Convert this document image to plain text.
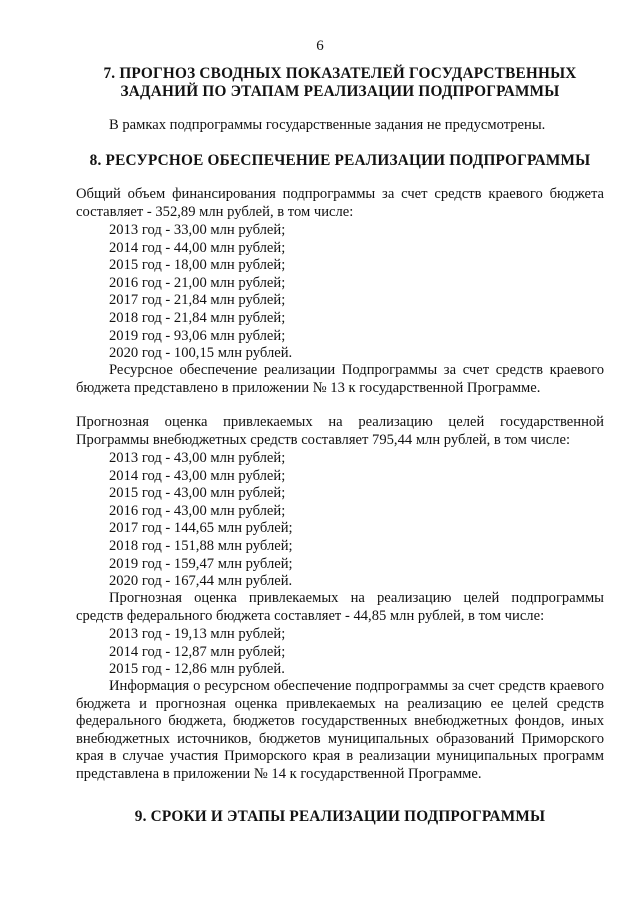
6
7. ПРОГНОЗ СВОДНЫХ ПОКАЗАТЕЛЕЙ ГОСУДАРСТВЕННЫХ
ЗАДАНИЙ ПО ЭТАПАМ РЕАЛИЗАЦИИ ПОДПРОГРАММЫ
В рамках подпрограммы государственные задания не предусмотрены.
8. РЕСУРСНОЕ ОБЕСПЕЧЕНИЕ РЕАЛИЗАЦИИ ПОДПРОГРАММЫ
Общий объем финансирования подпрограммы за счет средств краевого бюджета составляет - 352,89 млн рублей, в том числе:
2013 год - 33,00 млн рублей;
2014 год - 44,00 млн рублей;
2015 год - 18,00 млн рублей;
2016 год - 21,00 млн рублей;
2017 год - 21,84 млн рублей;
2018 год - 21,84 млн рублей;
2019 год - 93,06 млн рублей;
2020 год - 100,15 млн рублей.
Ресурсное обеспечение реализации Подпрограммы за счет средств краевого бюджета представлено в приложении № 13 к государственной Программе.
Прогнозная оценка привлекаемых на реализацию целей государственной Программы внебюджетных средств составляет 795,44 млн рублей, в том числе:
2013 год - 43,00 млн рублей;
2014 год - 43,00 млн рублей;
2015 год - 43,00 млн рублей;
2016 год - 43,00 млн рублей;
2017 год - 144,65 млн рублей;
2018 год - 151,88 млн рублей;
2019 год - 159,47 млн рублей;
2020 год - 167,44 млн рублей.
Прогнозная оценка привлекаемых на реализацию целей подпрограммы средств федерального бюджета составляет - 44,85 млн рублей, в том числе:
2013 год - 19,13 млн рублей;
2014 год - 12,87 млн рублей;
2015 год - 12,86 млн рублей.
Информация о ресурсном обеспечение подпрограммы за счет средств краевого бюджета и прогнозная оценка привлекаемых на реализацию ее целей средств федерального бюджета, бюджетов государственных внебюджетных фондов, иных внебюджетных источников, бюджетов муниципальных образований Приморского края в случае участия Приморского края в реализации муниципальных программ представлена в приложении № 14 к государственной Программе.
9. СРОКИ И ЭТАПЫ РЕАЛИЗАЦИИ ПОДПРОГРАММЫ
